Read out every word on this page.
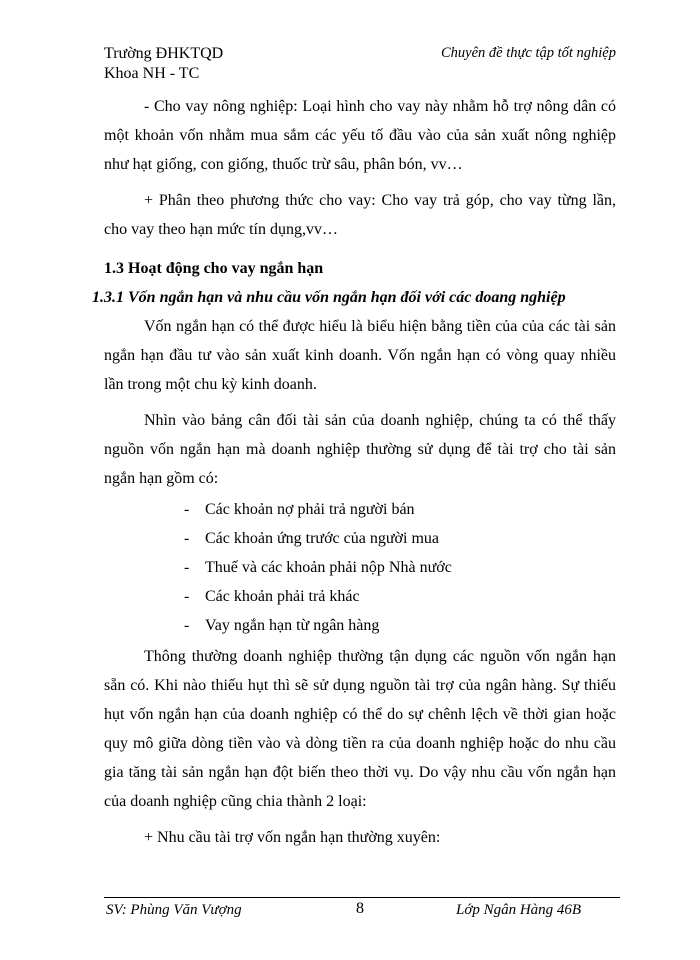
Trường ĐHKTQD
Khoa NH - TC
Chuyên đề thực tập tốt nghiệp

- Cho vay nông nghiệp: Loại hình cho vay này nhằm hỗ trợ nông dân có một khoản vốn nhằm mua sắm các yếu tố đầu vào của sản xuất nông nghiệp như hạt giống, con giống, thuốc trừ sâu, phân bón, vv…

+ Phân theo phương thức cho vay: Cho vay trả góp, cho vay từng lần, cho vay theo hạn mức tín dụng,vv…

1.3 Hoạt động cho vay ngắn hạn

1.3.1 Vốn ngắn hạn và nhu cầu vốn ngắn hạn đối với các doang nghiệp

Vốn ngắn hạn có thể được hiểu là biểu hiện bằng tiền của của các tài sản ngắn hạn đầu tư vào sản xuất kinh doanh. Vốn ngắn hạn có vòng quay nhiều lần trong một chu kỳ kinh doanh.

Nhìn vào bảng cân đối tài sản của doanh nghiệp, chúng ta có thể thấy nguồn vốn ngắn hạn mà doanh nghiệp thường sử dụng để tài trợ cho tài sản ngắn hạn gồm có:

- Các khoản nợ phải trả người bán
- Các khoản ứng trước của người mua
- Thuế và các khoản phải nộp Nhà nước
- Các khoản phải trả khác
- Vay ngắn hạn từ ngân hàng

Thông thường doanh nghiệp thường tận dụng các nguồn vốn ngắn hạn sẵn có. Khi nào thiếu hụt thì sẽ sử dụng nguồn tài trợ của ngân hàng. Sự thiếu hụt vốn ngắn hạn của doanh nghiệp có thể do sự chênh lệch về thời gian hoặc quy mô giữa dòng tiền vào và dòng tiền ra của doanh nghiệp hoặc do nhu cầu gia tăng tài sản ngắn hạn đột biến theo thời vụ. Do vậy nhu cầu vốn ngắn hạn của doanh nghiệp cũng chia thành 2 loại:

+ Nhu cầu tài trợ vốn ngắn hạn thường xuyên:

SV: Phùng Văn Vượng	8	Lớp Ngân Hàng 46B
